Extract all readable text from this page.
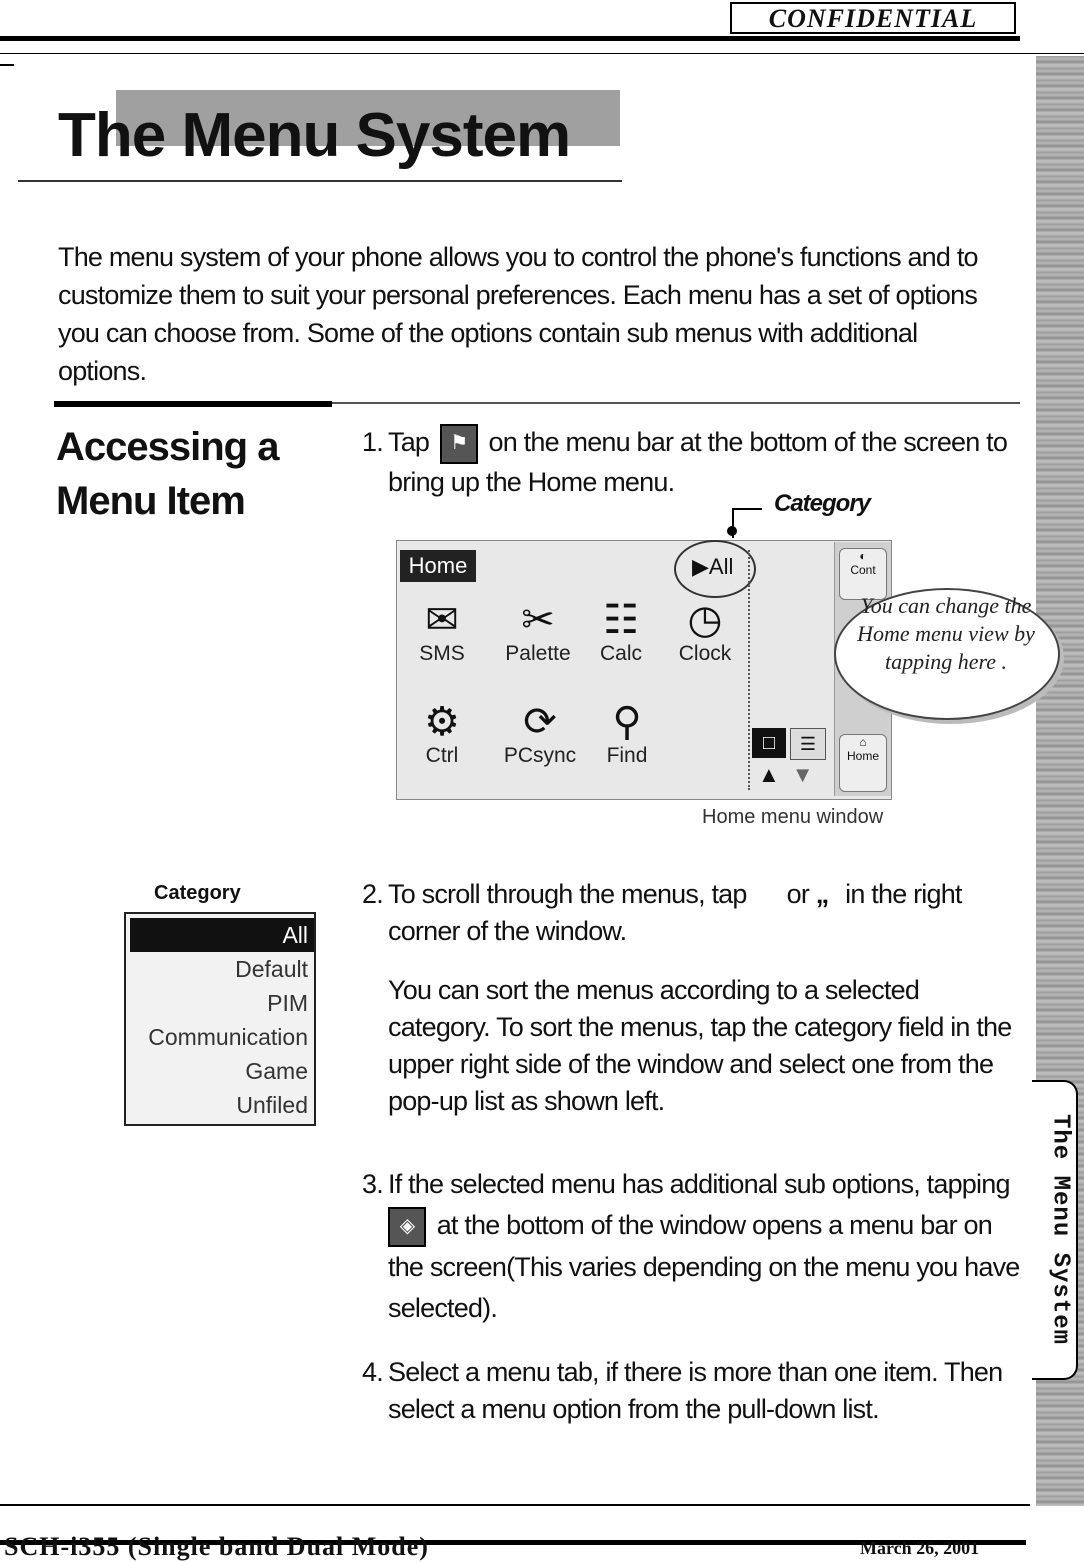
CONFIDENTIAL
The Menu System
The Menu System
The menu system of your phone allows you to control the phone's functions and to customize them to suit your personal preferences. Each menu has a set of options you can choose from. Some of the options contain sub menus with additional options.
Accessing a
Menu Item
1. Tap ⚑ on the menu bar at the bottom of the screen to
bring up the Home menu.
Category
◐
Cont
⌂
Home
Home	▶All
✉
SMS
✂
Palette
☷
Calc
◷
Clock
⚙
Ctrl
⟳
PCsync
⚲
Find
□	☰
▲ ▼
You can change the Home menu view by tapping here .
Home menu window
Category
All
Default
PIM
Communication
Game
Unfiled
2. To scroll through the menus, tap or „ in the right
corner of the window.
You can sort the menus according to a selected category. To sort the menus, tap the category field in the upper right side of the window and select one from the pop-up list as shown left.
3. If the selected menu has additional sub options, tapping
◈ at the bottom of the window opens a menu bar on
the screen(This varies depending on the menu you have
selected).
4. Select a menu tab, if there is more than one item. Then
select a menu option from the pull-down list.
SCH-i355 (Single band Dual Mode)	March 26, 2001
